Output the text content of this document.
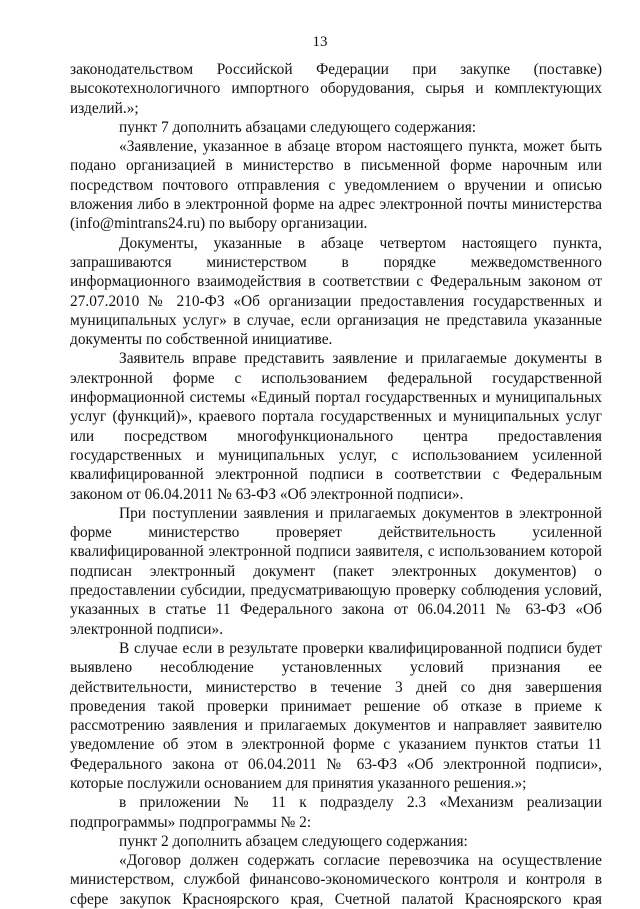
13

законодательством Российской Федерации при закупке (поставке) высокотехнологичного импортного оборудования, сырья и комплектующих изделий.»;

пункт 7 дополнить абзацами следующего содержания:

«Заявление, указанное в абзаце втором настоящего пункта, может быть подано организацией в министерство в письменной форме нарочным или посредством почтового отправления с уведомлением о вручении и описью вложения либо в электронной форме на адрес электронной почты министерства (info@mintrans24.ru) по выбору организации.

Документы, указанные в абзаце четвертом настоящего пункта, запрашиваются министерством в порядке межведомственного информационного взаимодействия в соответствии с Федеральным законом от 27.07.2010 № 210-ФЗ «Об организации предоставления государственных и муниципальных услуг» в случае, если организация не представила указанные документы по собственной инициативе.

Заявитель вправе представить заявление и прилагаемые документы в электронной форме с использованием федеральной государственной информационной системы «Единый портал государственных и муниципальных услуг (функций)», краевого портала государственных и муниципальных услуг или посредством многофункционального центра предоставления государственных и муниципальных услуг, с использованием усиленной квалифицированной электронной подписи в соответствии с Федеральным законом от 06.04.2011 № 63-ФЗ «Об электронной подписи».

При поступлении заявления и прилагаемых документов в электронной форме министерство проверяет действительность усиленной квалифицированной электронной подписи заявителя, с использованием которой подписан электронный документ (пакет электронных документов) о предоставлении субсидии, предусматривающую проверку соблюдения условий, указанных в статье 11 Федерального закона от 06.04.2011 № 63-ФЗ «Об электронной подписи».

В случае если в результате проверки квалифицированной подписи будет выявлено несоблюдение установленных условий признания ее действительности, министерство в течение 3 дней со дня завершения проведения такой проверки принимает решение об отказе в приеме к рассмотрению заявления и прилагаемых документов и направляет заявителю уведомление об этом в электронной форме с указанием пунктов статьи 11 Федерального закона от 06.04.2011 № 63-ФЗ «Об электронной подписи», которые послужили основанием для принятия указанного решения.»;

в приложении № 11 к подразделу 2.3 «Механизм реализации подпрограммы» подпрограммы № 2:

пункт 2 дополнить абзацем следующего содержания:

«Договор должен содержать согласие перевозчика на осуществление министерством, службой финансово-экономического контроля и контроля в сфере закупок Красноярского края, Счетной палатой Красноярского края
